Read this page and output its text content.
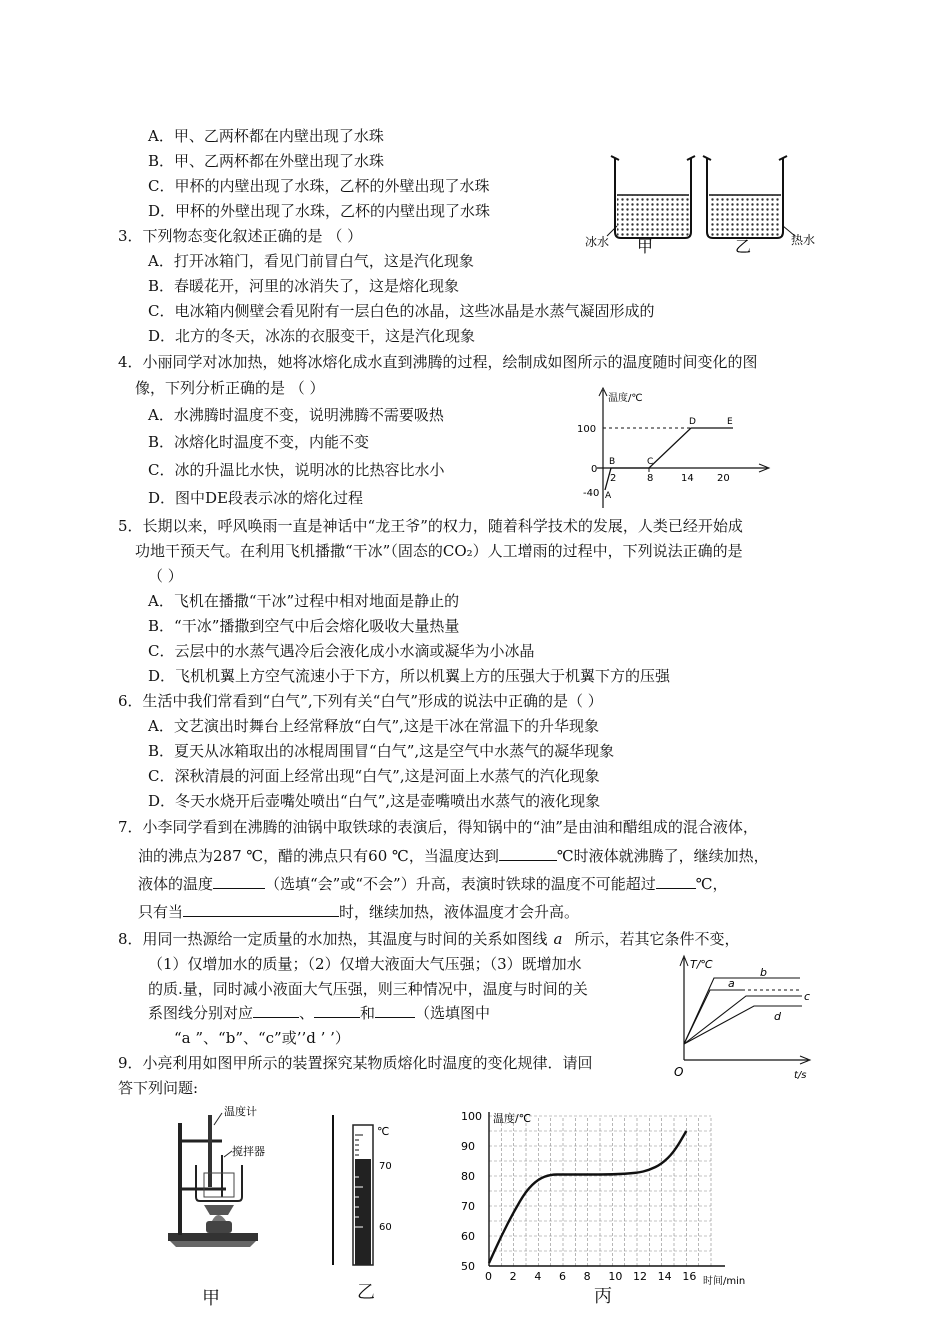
A．甲、乙两杯都在内壁出现了水珠
B．甲、乙两杯都在外壁出现了水珠
C．甲杯的内壁出现了水珠，乙杯的外壁出现了水珠
D．甲杯的外壁出现了水珠，乙杯的内壁出现了水珠
冰水 甲	乙	热水
3．下列物态变化叙述正确的是 （ ）
A．打开冰箱门，看见门前冒白气，这是汽化现象
B．春暖花开，河里的冰消失了，这是熔化现象
C．电冰箱内侧壁会看见附有一层白色的冰晶，这些冰晶是水蒸气凝固形成的
D．北方的冬天，冰冻的衣服变干，这是汽化现象
4．小丽同学对冰加热，她将冰熔化成水直到沸腾的过程，绘制成如图所示的温度随时间变化的图
像，下列分析正确的是 （ ）
A．水沸腾时温度不变，说明沸腾不需要吸热
B．冰熔化时温度不变，内能不变
C．冰的升温比水快，说明冰的比热容比水小
D．图中DE段表示冰的熔化过程
温度/℃
100
0
-40
2	8	14 20
A
B	C
D	E
5．长期以来，呼风唤雨一直是神话中“龙王爷”的权力，随着科学技术的发展，人类已经开始成
功地干预天气。在利用飞机播撒“干冰”（固态的CO₂）人工增雨的过程中，下列说法正确的是
（ ）
A．飞机在播撒“干冰”过程中相对地面是静止的
B．“干冰”播撒到空气中后会熔化吸收大量热量
C．云层中的水蒸气遇冷后会液化成小水滴或凝华为小冰晶
D．飞机机翼上方空气流速小于下方，所以机翼上方的压强大于机翼下方的压强
6．生活中我们常看到“白气”,下列有关“白气”形成的说法中正确的是（ ）
A．文艺演出时舞台上经常释放“白气”,这是干冰在常温下的升华现象
B．夏天从冰箱取出的冰棍周围冒“白气”,这是空气中水蒸气的凝华现象
C．深秋清晨的河面上经常出现“白气”,这是河面上水蒸气的汽化现象
D．冬天水烧开后壶嘴处喷出“白气”,这是壶嘴喷出水蒸气的液化现象
7．小李同学看到在沸腾的油锅中取铁球的表演后，得知锅中的“油”是由油和醋组成的混合液体，
油的沸点为287 ℃，醋的沸点只有60 ℃，当温度达到	℃时液体就沸腾了，继续加热，
液体的温度	（选填“会”或“不会”）升高，表演时铁球的温度不可能超过	℃，
只有当	时，继续加热，液体温度才会升高。
8．用同一热源给一定质量的水加热，其温度与时间的关系如图线 a 所示，若其它条件不变，
（1）仅增加水的质量；（2）仅增大液面大气压强；（3）既增加水
的质.量，同时减小液面大气压强，则三种情况中，温度与时间的关
系图线分别对应	、	和	（选填图中
“a ”、“b”、“c”或’’d ’ ’）
T/℃
t/s
O
b
a
c
d
9．小亮利用如图甲所示的装置探究某物质熔化时温度的变化规律．请回
答下列问题:
温度计
搅拌器
甲
℃
70
60
乙
温度/℃
时间/min
50
60
70
80
90
100
0 2 4 6 8 10 12 14 16
丙
